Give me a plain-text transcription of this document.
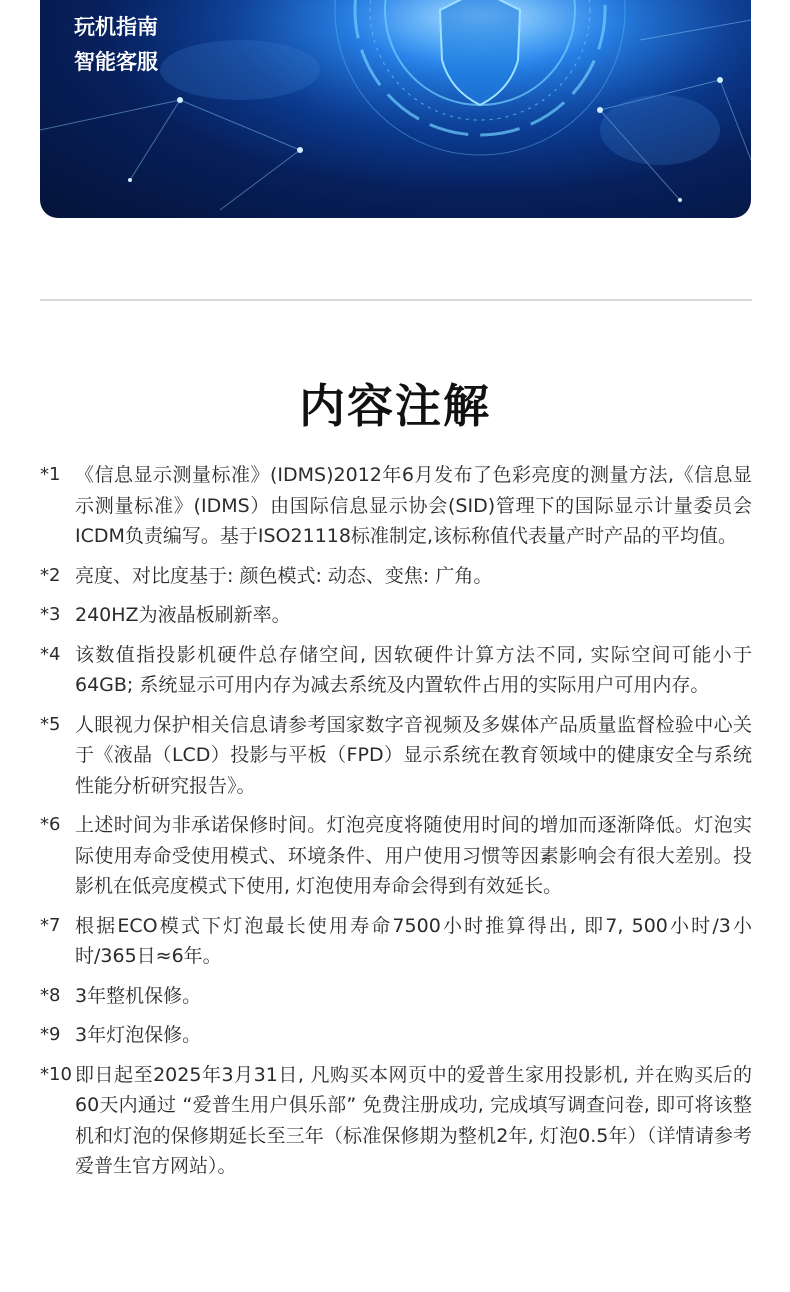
玩机指南
智能客服
内容注解
*1 《信息显示测量标准》(IDMS)2012年6月发布了色彩亮度的测量方法,《信息显示测量标准》(IDMS）由国际信息显示协会(SID)管理下的国际显示计量委员会ICDM负责编写。基于ISO21118标准制定,该标称值代表量产时产品的平均值。
*2 亮度、对比度基于: 颜色模式: 动态、变焦: 广角。
*3 240HZ为液晶板刷新率。
*4 该数值指投影机硬件总存储空间, 因软硬件计算方法不同, 实际空间可能小于64GB; 系统显示可用内存为减去系统及内置软件占用的实际用户可用内存。
*5 人眼视力保护相关信息请参考国家数字音视频及多媒体产品质量监督检验中心关于《液晶（LCD）投影与平板（FPD）显示系统在教育领域中的健康安全与系统性能分析研究报告》。
*6 上述时间为非承诺保修时间。灯泡亮度将随使用时间的增加而逐渐降低。灯泡实际使用寿命受使用模式、环境条件、用户使用习惯等因素影响会有很大差别。投影机在低亮度模式下使用, 灯泡使用寿命会得到有效延长。
*7 根据ECO模式下灯泡最长使用寿命7500小时推算得出, 即7, 500小时/3小时/365日≈6年。
*8 3年整机保修。
*9 3年灯泡保修。
*10 即日起至2025年3月31日, 凡购买本网页中的爱普生家用投影机, 并在购买后的60天内通过 “爱普生用户俱乐部” 免费注册成功, 完成填写调查问卷, 即可将该整机和灯泡的保修期延长至三年（标准保修期为整机2年, 灯泡0.5年）（详情请参考爱普生官方网站）。
